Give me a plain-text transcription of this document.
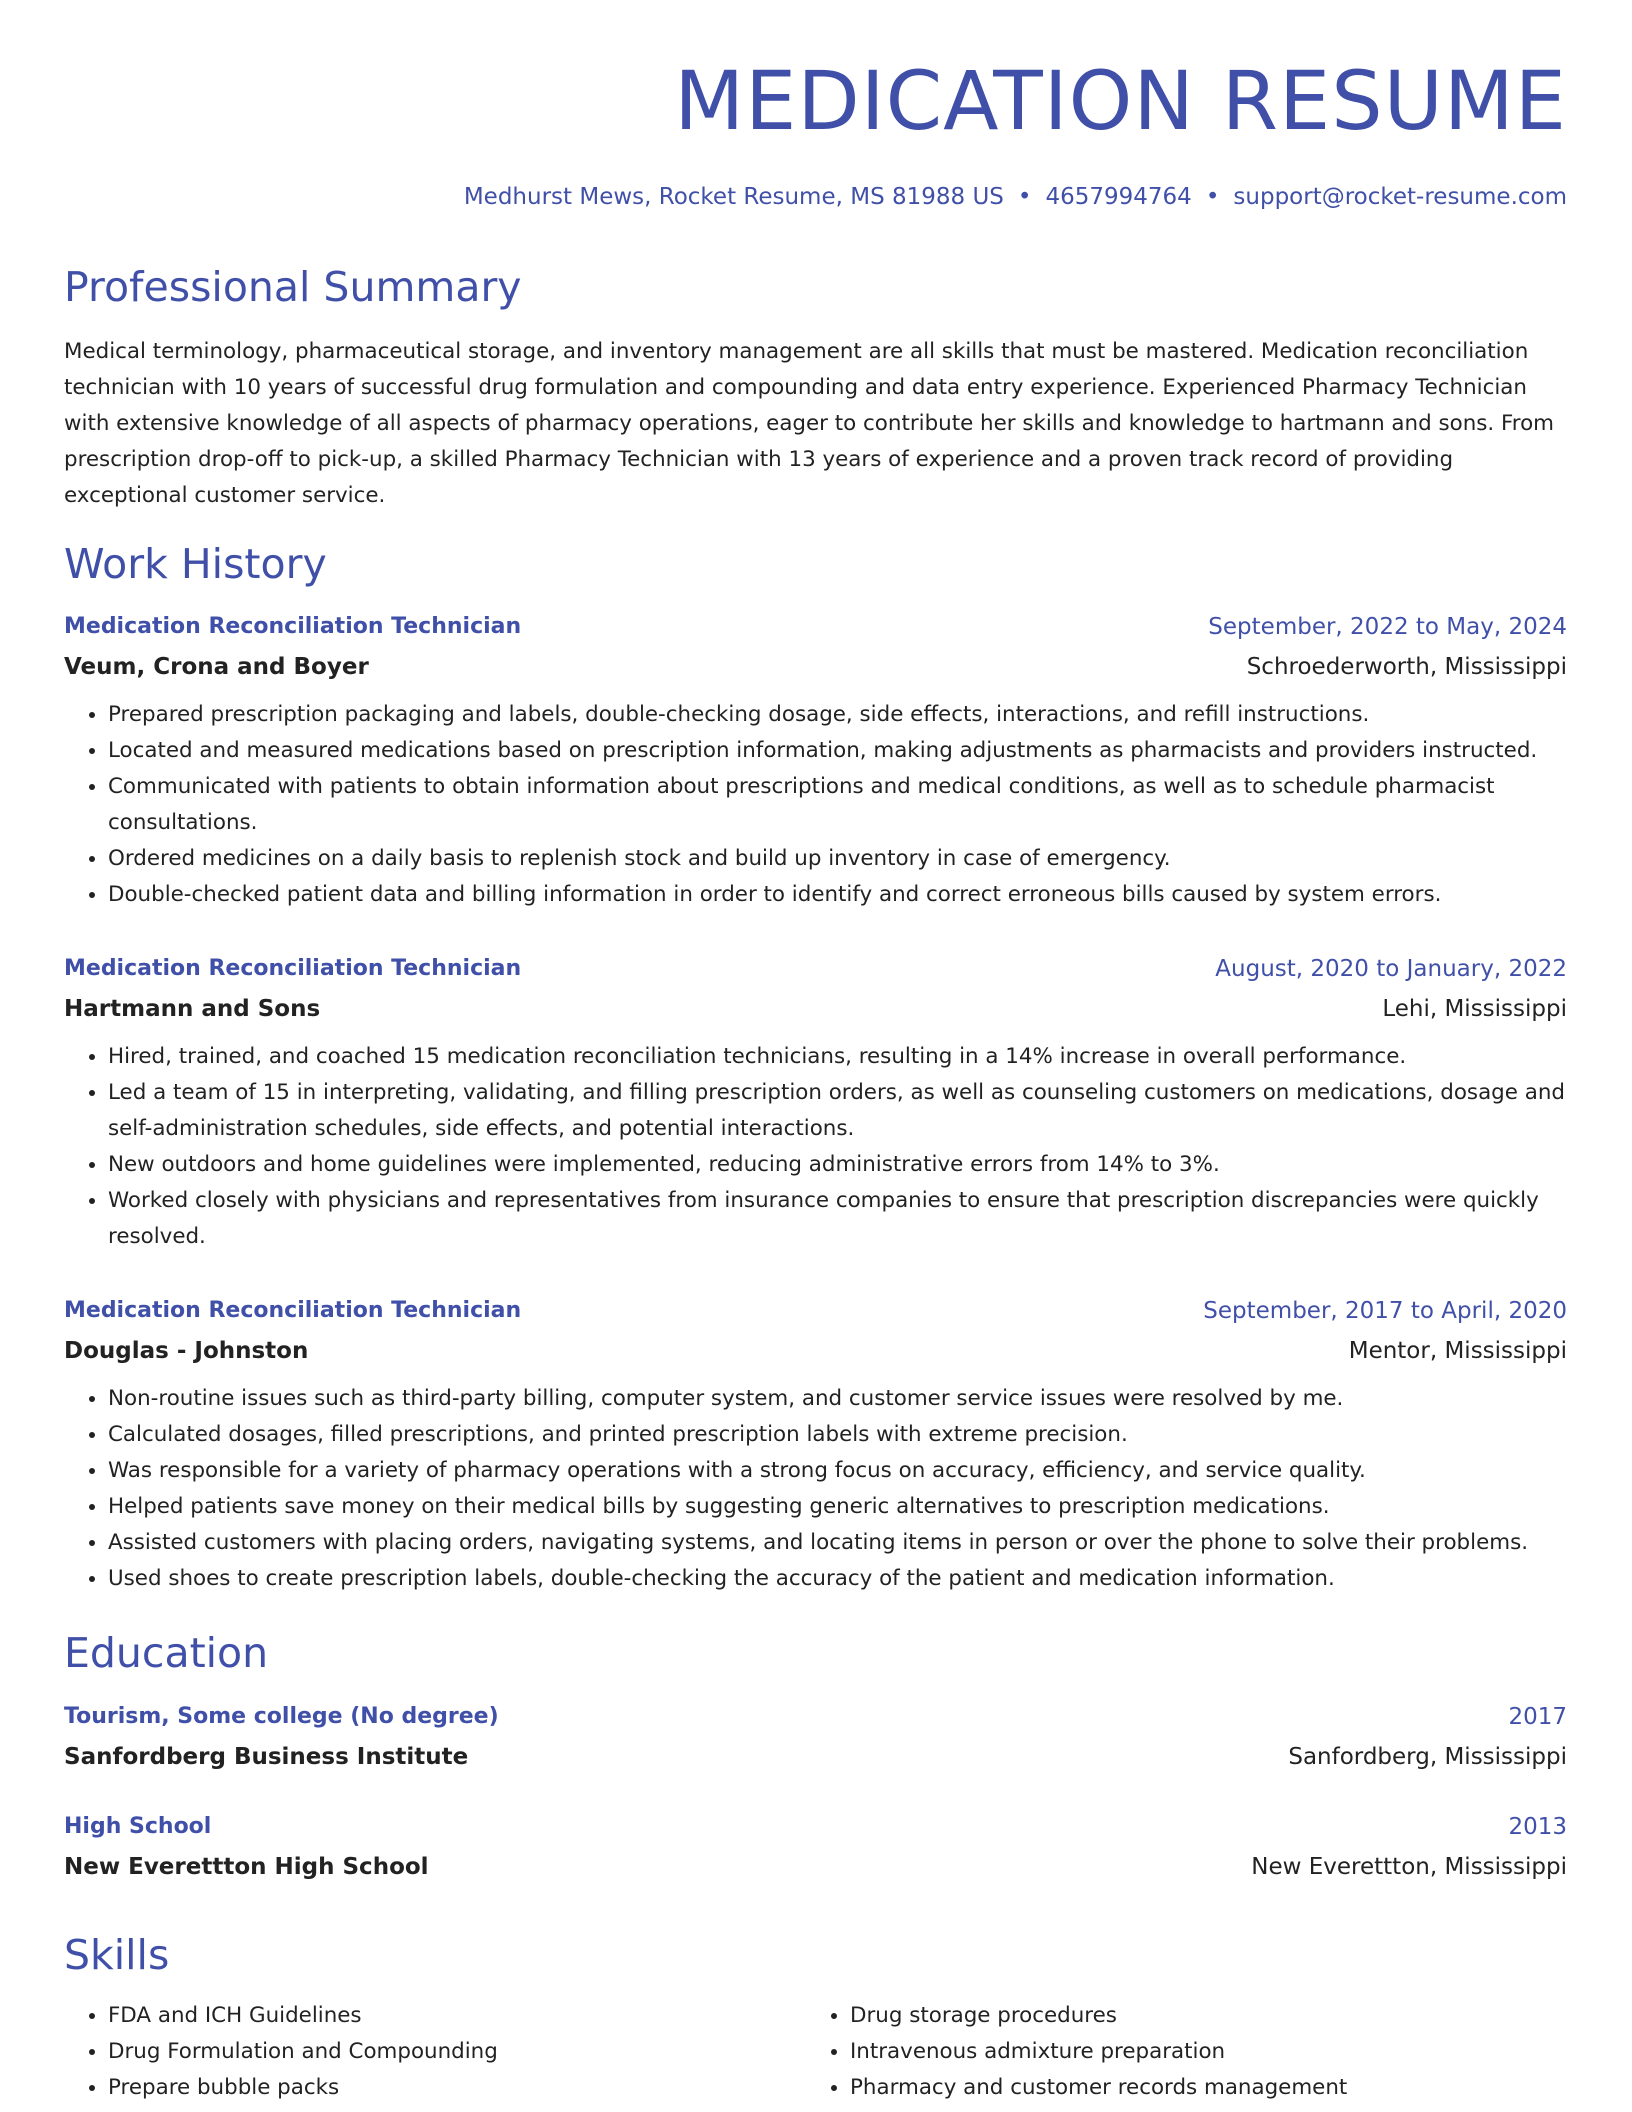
MEDICATION RESUME
Medhurst Mews, Rocket Resume, MS 81988 US • 4657994764 • support@rocket-resume.com
Professional Summary
Medical terminology, pharmaceutical storage, and inventory management are all skills that must be mastered. Medication reconciliation technician with 10 years of successful drug formulation and compounding and data entry experience. Experienced Pharmacy Technician with extensive knowledge of all aspects of pharmacy operations, eager to contribute her skills and knowledge to hartmann and sons. From prescription drop-off to pick-up, a skilled Pharmacy Technician with 13 years of experience and a proven track record of providing exceptional customer service.
Work History
Medication Reconciliation Technician	September, 2022 to May, 2024
Veum, Crona and Boyer	Schroederworth, Mississippi
• Prepared prescription packaging and labels, double-checking dosage, side effects, interactions, and refill instructions.
• Located and measured medications based on prescription information, making adjustments as pharmacists and providers instructed.
• Communicated with patients to obtain information about prescriptions and medical conditions, as well as to schedule pharmacist consultations.
• Ordered medicines on a daily basis to replenish stock and build up inventory in case of emergency.
• Double-checked patient data and billing information in order to identify and correct erroneous bills caused by system errors.
Medication Reconciliation Technician	August, 2020 to January, 2022
Hartmann and Sons	Lehi, Mississippi
• Hired, trained, and coached 15 medication reconciliation technicians, resulting in a 14% increase in overall performance.
• Led a team of 15 in interpreting, validating, and filling prescription orders, as well as counseling customers on medications, dosage and self-administration schedules, side effects, and potential interactions.
• New outdoors and home guidelines were implemented, reducing administrative errors from 14% to 3%.
• Worked closely with physicians and representatives from insurance companies to ensure that prescription discrepancies were quickly resolved.
Medication Reconciliation Technician	September, 2017 to April, 2020
Douglas - Johnston	Mentor, Mississippi
• Non-routine issues such as third-party billing, computer system, and customer service issues were resolved by me.
• Calculated dosages, filled prescriptions, and printed prescription labels with extreme precision.
• Was responsible for a variety of pharmacy operations with a strong focus on accuracy, efficiency, and service quality.
• Helped patients save money on their medical bills by suggesting generic alternatives to prescription medications.
• Assisted customers with placing orders, navigating systems, and locating items in person or over the phone to solve their problems.
• Used shoes to create prescription labels, double-checking the accuracy of the patient and medication information.
Education
Tourism, Some college (No degree)	2017
Sanfordberg Business Institute	Sanfordberg, Mississippi
High School	2013
New Everettton High School	New Everettton, Mississippi
Skills
• FDA and ICH Guidelines
• Drug Formulation and Compounding
• Prepare bubble packs
• Drug storage procedures
• Intravenous admixture preparation
• Pharmacy and customer records management
